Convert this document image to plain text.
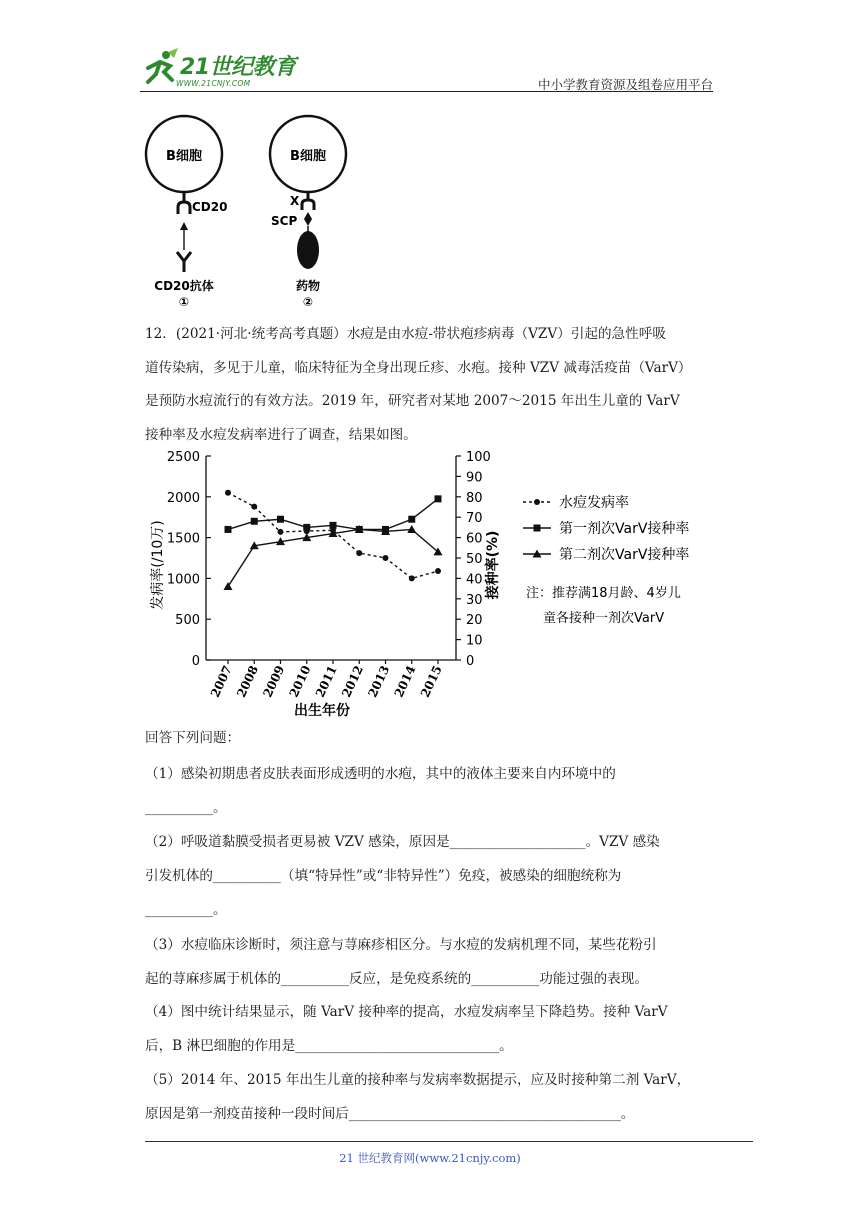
21世纪教育
WWW.21CNJY.COM	中小学教育资源及组卷应用平台
B细胞
CD20
CD20抗体
①
B细胞
X
SCP
药物
②
12．(2021·河北·统考高考真题）水痘是由水痘-带状疱疹病毒（VZV）引起的急性呼吸
道传染病，多见于儿童，临床特征为全身出现丘疹、水疱。接种 VZV 减毒活疫苗（VarV）
是预防水痘流行的有效方法。2019 年，研究者对某地 2007～2015 年出生儿童的 VarV
接种率及水痘发病率进行了调查，结果如图。
0
500
1000
1500
2000
2500
0
10
20
30
40
50
60
70
80
90
100
2007 2008 2009 2010 2011 2012 2013 2014 2015
水痘发病率
第一剂次VarV接种率
第二剂次VarV接种率
发病率(/10万)	接种率(%)
出生年份
注：推荐满18月龄、4岁儿
童各接种一剂次VarV
回答下列问题：
（1）感染初期患者皮肤表面形成透明的水疱，其中的液体主要来自内环境中的
__________。
（2）呼吸道黏膜受损者更易被 VZV 感染，原因是____________________。VZV 感染
引发机体的__________（填“特异性”或“非特异性”）免疫，被感染的细胞统称为
__________。
（3）水痘临床诊断时，须注意与荨麻疹相区分。与水痘的发病机理不同，某些花粉引
起的荨麻疹属于机体的__________反应，是免疫系统的__________功能过强的表现。
（4）图中统计结果显示，随 VarV 接种率的提高，水痘发病率呈下降趋势。接种 VarV
后，B 淋巴细胞的作用是______________________________。
（5）2014 年、2015 年出生儿童的接种率与发病率数据提示，应及时接种第二剂 VarV，
原因是第一剂疫苗接种一段时间后________________________________________。
21 世纪教育网(www.21cnjy.com)
